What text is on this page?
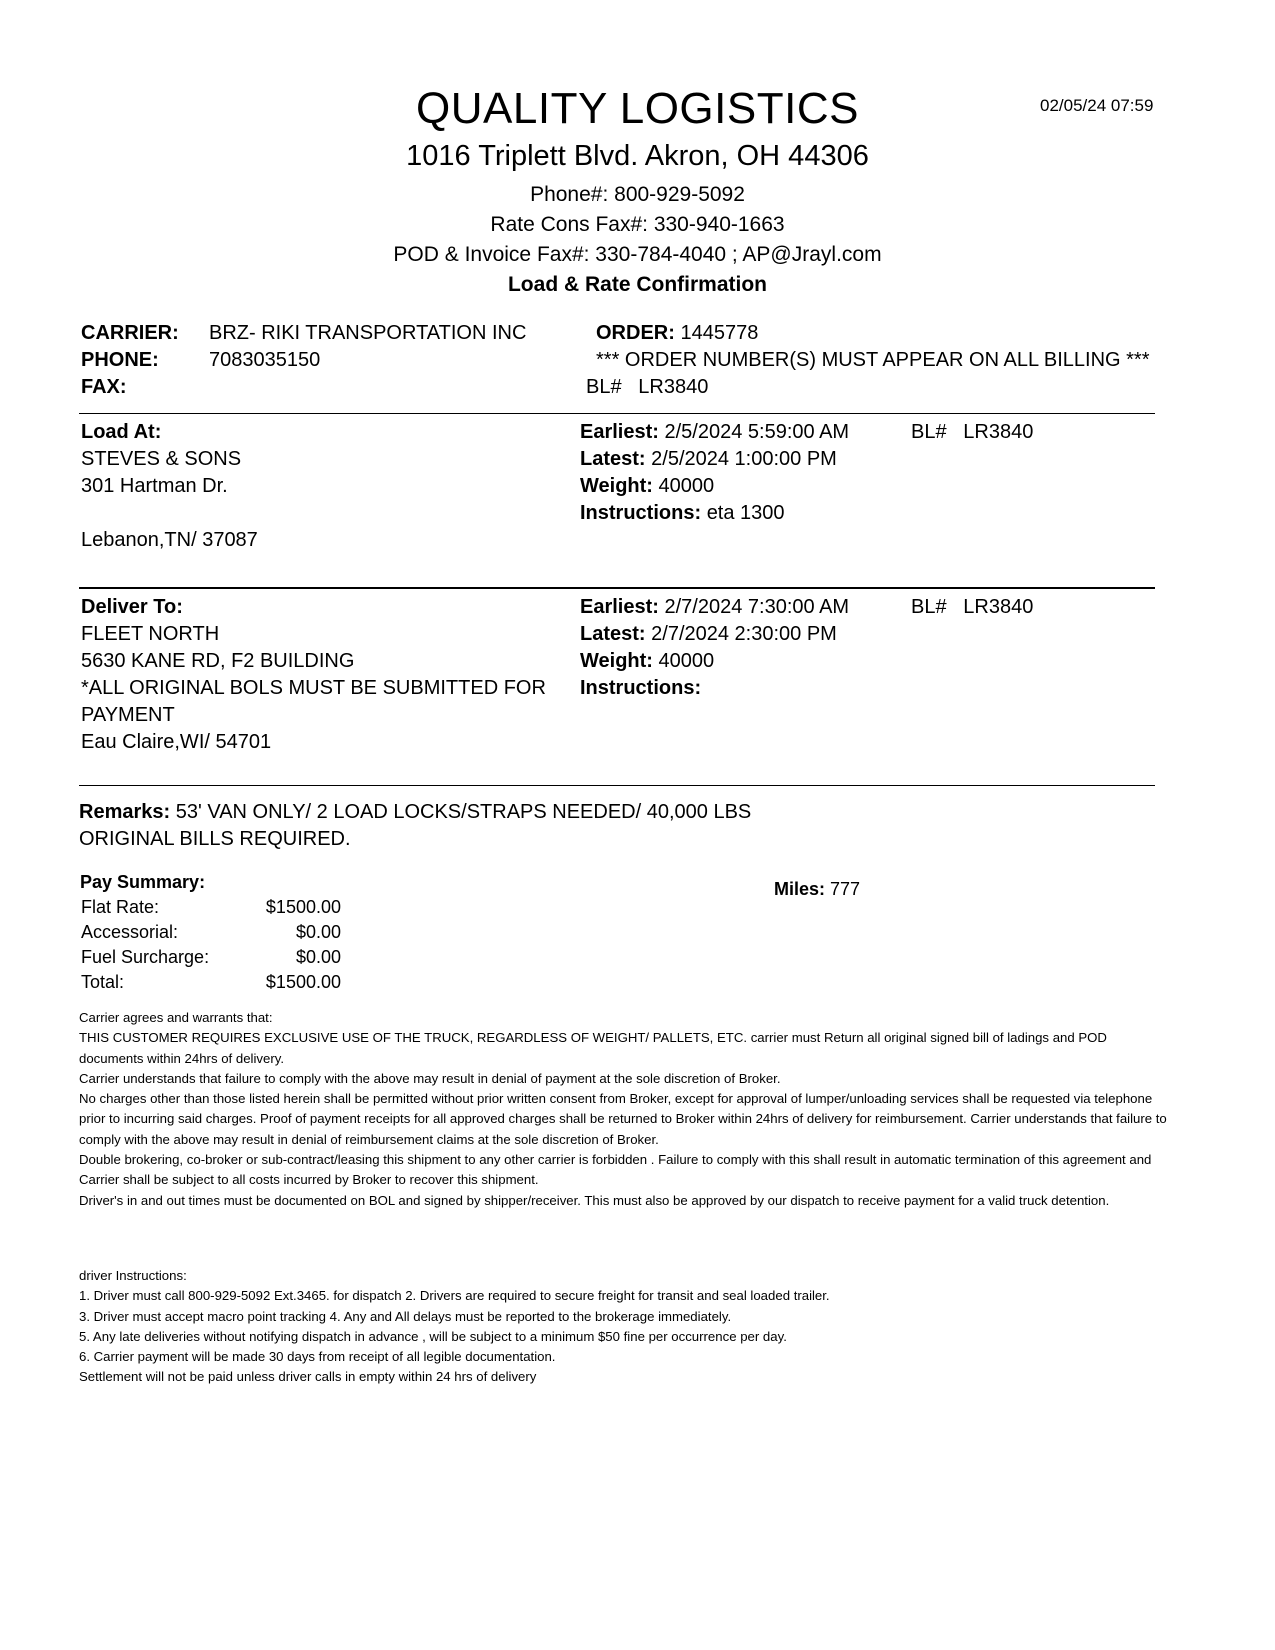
QUALITY LOGISTICS	02/05/24 07:59
1016 Triplett Blvd. Akron, OH 44306
Phone#: 800-929-5092
Rate Cons Fax#: 330-940-1663
POD & Invoice Fax#: 330-784-4040 ; AP@Jrayl.com
Load & Rate Confirmation
CARRIER: BRZ- RIKI TRANSPORTATION INC
PHONE:	7083035150
FAX:
ORDER: 1445778
*** ORDER NUMBER(S) MUST APPEAR ON ALL BILLING ***
BL#   LR3840
Load At:
STEVES & SONS
301 Hartman Dr.
Lebanon,TN/ 37087
Earliest: 2/5/2024 5:59:00 AM	BL#   LR3840
Latest: 2/5/2024 1:00:00 PM
Weight: 40000
Instructions: eta 1300
Deliver To:
FLEET NORTH
5630 KANE RD, F2 BUILDING
*ALL ORIGINAL BOLS MUST BE SUBMITTED FOR
PAYMENT
Eau Claire,WI/ 54701
Earliest: 2/7/2024 7:30:00 AM	BL#   LR3840
Latest: 2/7/2024 2:30:00 PM
Weight: 40000
Instructions:
Remarks: 53' VAN ONLY/ 2 LOAD LOCKS/STRAPS NEEDED/ 40,000 LBS
ORIGINAL BILLS REQUIRED.
Pay Summary:
Flat Rate:	$1500.00
Accessorial:	$0.00
Fuel Surcharge:	$0.00
Total:	$1500.00
Miles: 777

Carrier agrees and warrants that:

THIS CUSTOMER REQUIRES EXCLUSIVE USE OF THE TRUCK, REGARDLESS OF WEIGHT/ PALLETS, ETC. carrier must Return all original signed bill of ladings and POD documents within 24hrs of delivery.

Carrier understands that failure to comply with the above may result in denial of payment at the sole discretion of Broker.

No charges other than those listed herein shall be permitted without prior written consent from Broker, except for approval of lumper/unloading services shall be requested via telephone prior to incurring said charges. Proof of payment receipts for all approved charges shall be returned to Broker within 24hrs of delivery for reimbursement. Carrier understands that failure to comply with the above may result in denial of reimbursement claims at the sole discretion of Broker.

Double brokering, co-broker or sub-contract/leasing this shipment to any other carrier is forbidden . Failure to comply with this shall result in automatic termination of this agreement and Carrier shall be subject to all costs incurred by Broker to recover this shipment.

Driver's in and out times must be documented on BOL and signed by shipper/receiver. This must also be approved by our dispatch to receive payment for a valid truck detention.

driver Instructions:

1. Driver must call 800-929-5092 Ext.3465. for dispatch 2. Drivers are required to secure freight for transit and seal loaded trailer.

3. Driver must accept macro point tracking 4. Any and All delays must be reported to the brokerage immediately.

5. Any late deliveries without notifying dispatch in advance , will be subject to a minimum $50 fine per occurrence per day.

6. Carrier payment will be made 30 days from receipt of all legible documentation.

Settlement will not be paid unless driver calls in empty within 24 hrs of delivery
